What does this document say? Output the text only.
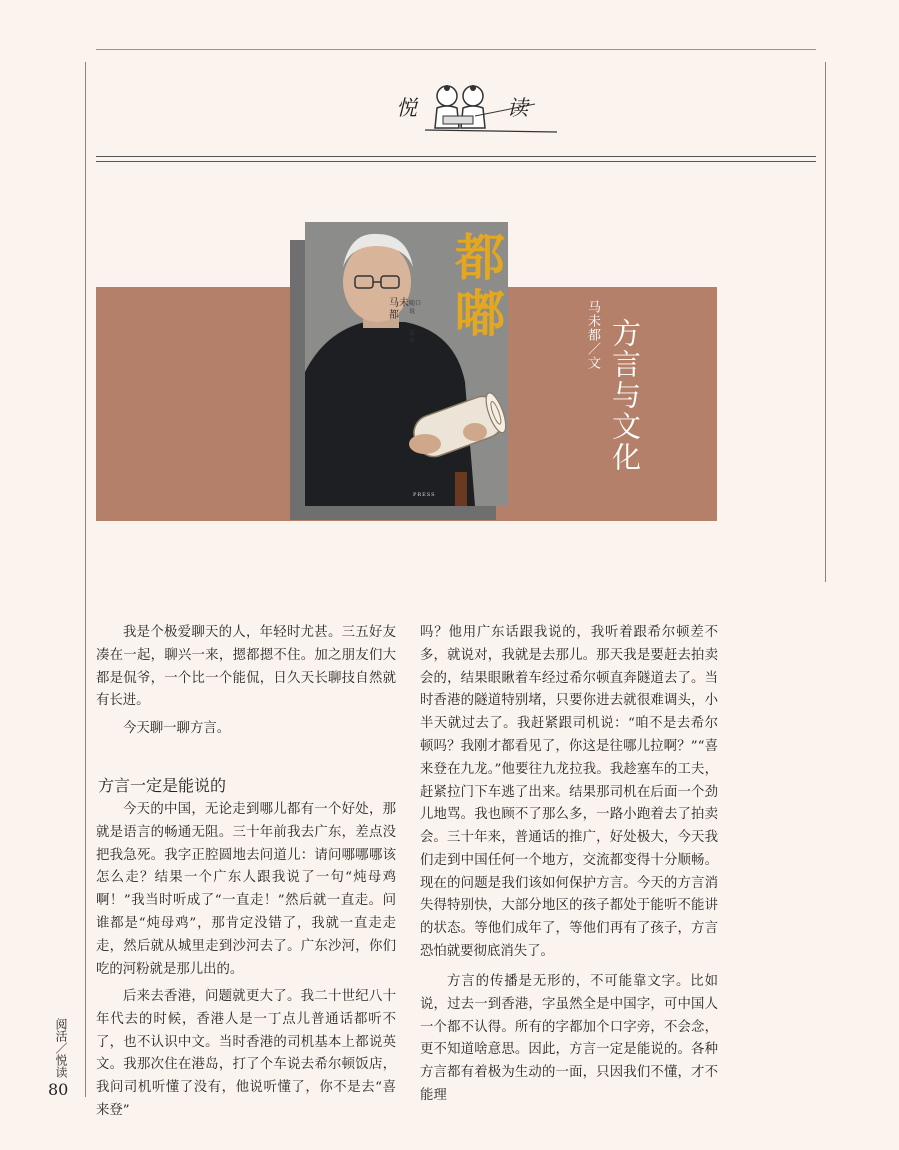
悦	读
都嘟
马未都
随口说
第一季
PRESS
方言与文化
马未都／文

我是个极爱聊天的人，年轻时尤甚。三五好友凑在一起，聊兴一来，摁都摁不住。加之朋友们大都是侃爷，一个比一个能侃，日久天长聊技自然就有长进。

今天聊一聊方言。

方言一定是能说的

今天的中国，无论走到哪儿都有一个好处，那就是语言的畅通无阻。三十年前我去广东，差点没把我急死。我字正腔圆地去问道儿：请问哪哪哪该怎么走？结果一个广东人跟我说了一句“炖母鸡啊！”我当时听成了“一直走！”然后就一直走。问谁都是“炖母鸡”，那肯定没错了，我就一直走走走，然后就从城里走到沙河去了。广东沙河，你们吃的河粉就是那儿出的。

后来去香港，问题就更大了。我二十世纪八十年代去的时候，香港人是一丁点儿普通话都听不了，也不认识中文。当时香港的司机基本上都说英文。我那次住在港岛，打了个车说去希尔顿饭店，我问司机听懂了没有，他说听懂了，你不是去“喜来登”

吗？他用广东话跟我说的，我听着跟希尔顿差不多，就说对，我就是去那儿。那天我是要赶去拍卖会的，结果眼瞅着车经过希尔顿直奔隧道去了。当时香港的隧道特别堵，只要你进去就很难调头，小半天就过去了。我赶紧跟司机说：“咱不是去希尔顿吗？我刚才都看见了，你这是往哪儿拉啊？”“喜来登在九龙。”他要往九龙拉我。我趁塞车的工夫，赶紧拉门下车逃了出来。结果那司机在后面一个劲儿地骂。我也顾不了那么多，一路小跑着去了拍卖会。 三十年来，普通话的推广，好处极大，今天我们走到中国任何一个地方，交流都变得十分顺畅。现在的问题是我们该如何保护方言。今天的方言消失得特别快，大部分地区的孩子都处于能听不能讲的状态。等他们成年了，等他们再有了孩子，方言恐怕就要彻底消失了。

方言的传播是无形的，不可能靠文字。比如说，过去一到香港，字虽然全是中国字，可中国人一个都不认得。所有的字都加个口字旁，不会念，更不知道啥意思。因此，方言一定是能说的。各种方言都有着极为生动的一面，只因我们不懂，才不能理

阅活／悦读
80
